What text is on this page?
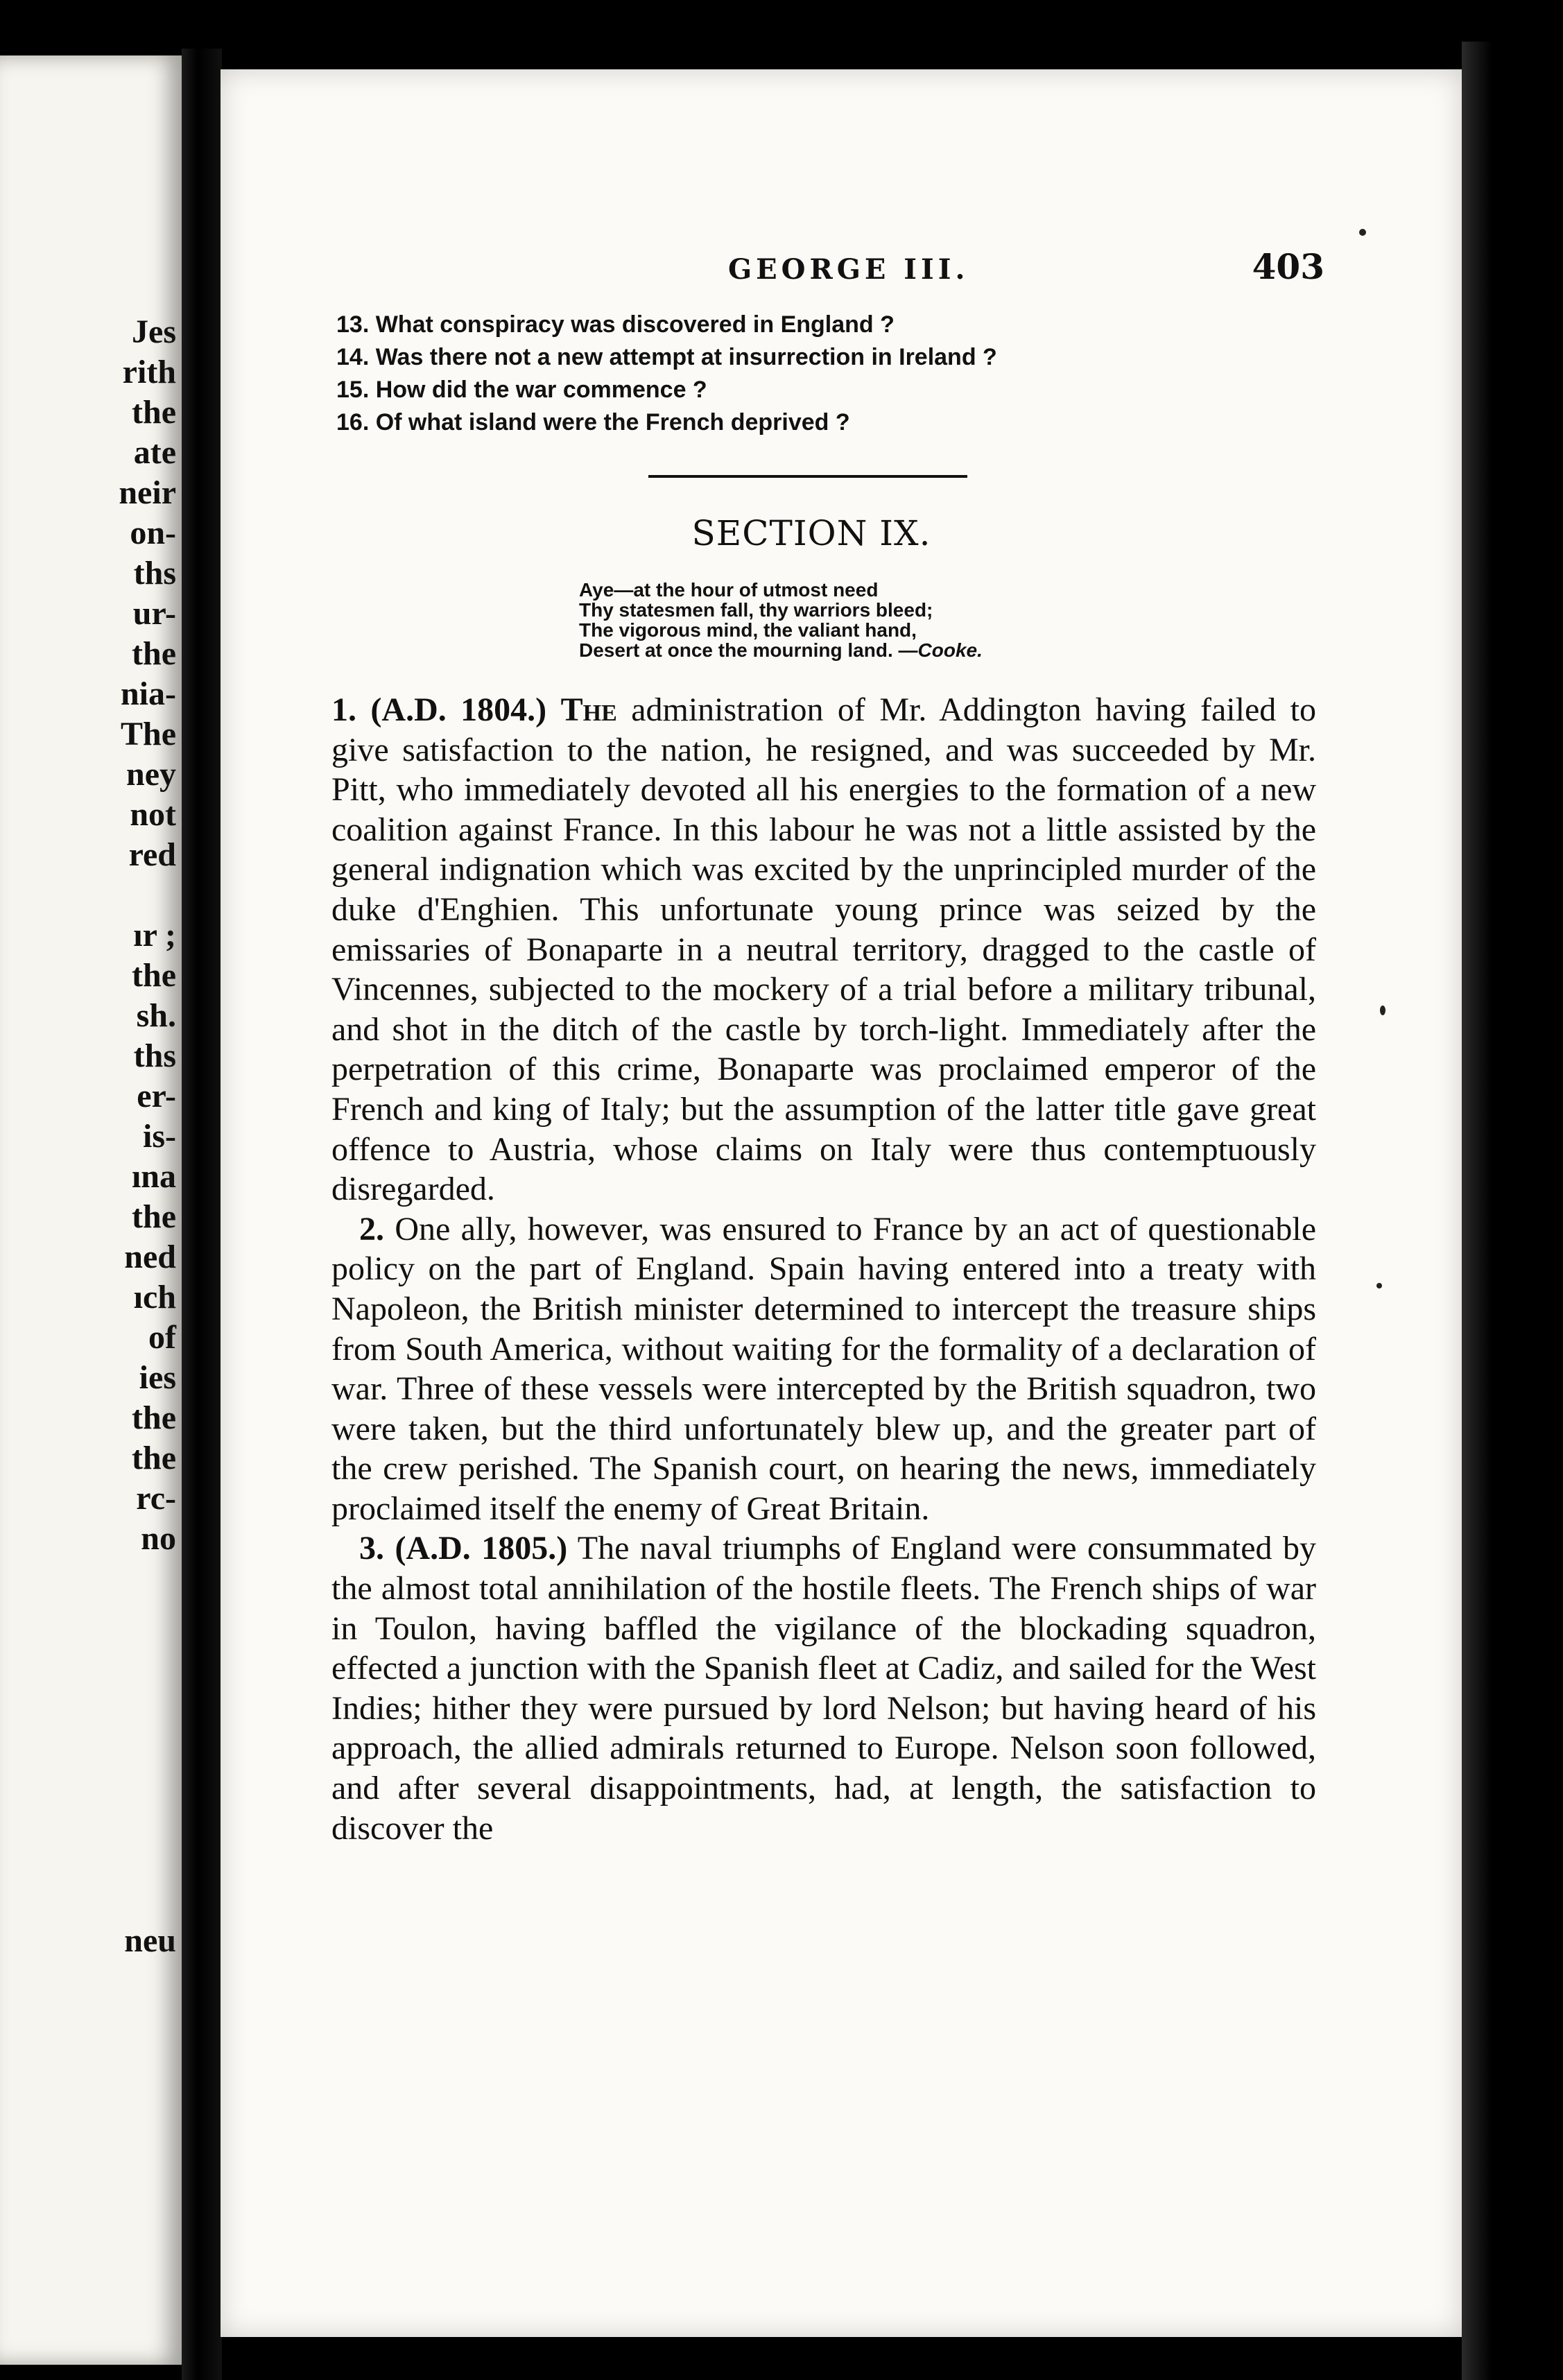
Jes
rith
the
ate
neir
on-
ths
ur-
the
nia-
The
ney
not
red
ır ;
the
sh.
ths
er-
is-
ına
the
ned
ıch
of
ies
the
the
rc-
no
neu
GEORGE III.	403
13. What conspiracy was discovered in England ?
14. Was there not a new attempt at insurrection in Ireland ?
15. How did the war commence ?
16. Of what island were the French deprived ?
SECTION IX.
Aye—at the hour of utmost need
Thy statesmen fall, thy warriors bleed;
The vigorous mind, the valiant hand,
Desert at once the mourning land. —Cooke.

1. (A.D. 1804.) The administration of Mr. Addington having failed to give satisfaction to the nation, he resigned, and was succeeded by Mr. Pitt, who immediately devoted all his energies to the formation of a new coalition against France. In this labour he was not a little assisted by the general indignation which was excited by the unprincipled murder of the duke d'Enghien. This unfortunate young prince was seized by the emissaries of Bonaparte in a neutral territory, dragged to the castle of Vincennes, subjected to the mockery of a trial before a military tribunal, and shot in the ditch of the castle by torch-light. Immediately after the perpetration of this crime, Bonaparte was proclaimed emperor of the French and king of Italy; but the assumption of the latter title gave great offence to Austria, whose claims on Italy were thus contemptuously disregarded.

2. One ally, however, was ensured to France by an act of questionable policy on the part of England. Spain having entered into a treaty with Napoleon, the British minister determined to intercept the treasure ships from South America, without waiting for the formality of a declaration of war. Three of these vessels were intercepted by the British squadron, two were taken, but the third unfortunately blew up, and the greater part of the crew perished. The Spanish court, on hearing the news, immediately proclaimed itself the enemy of Great Britain.

3. (A.D. 1805.) The naval triumphs of England were consummated by the almost total annihilation of the hostile fleets. The French ships of war in Toulon, having baffled the vigilance of the blockading squadron, effected a junction with the Spanish fleet at Cadiz, and sailed for the West Indies; hither they were pursued by lord Nelson; but having heard of his approach, the allied admirals returned to Europe. Nelson soon followed, and after several disappointments, had, at length, the satisfaction to discover the
